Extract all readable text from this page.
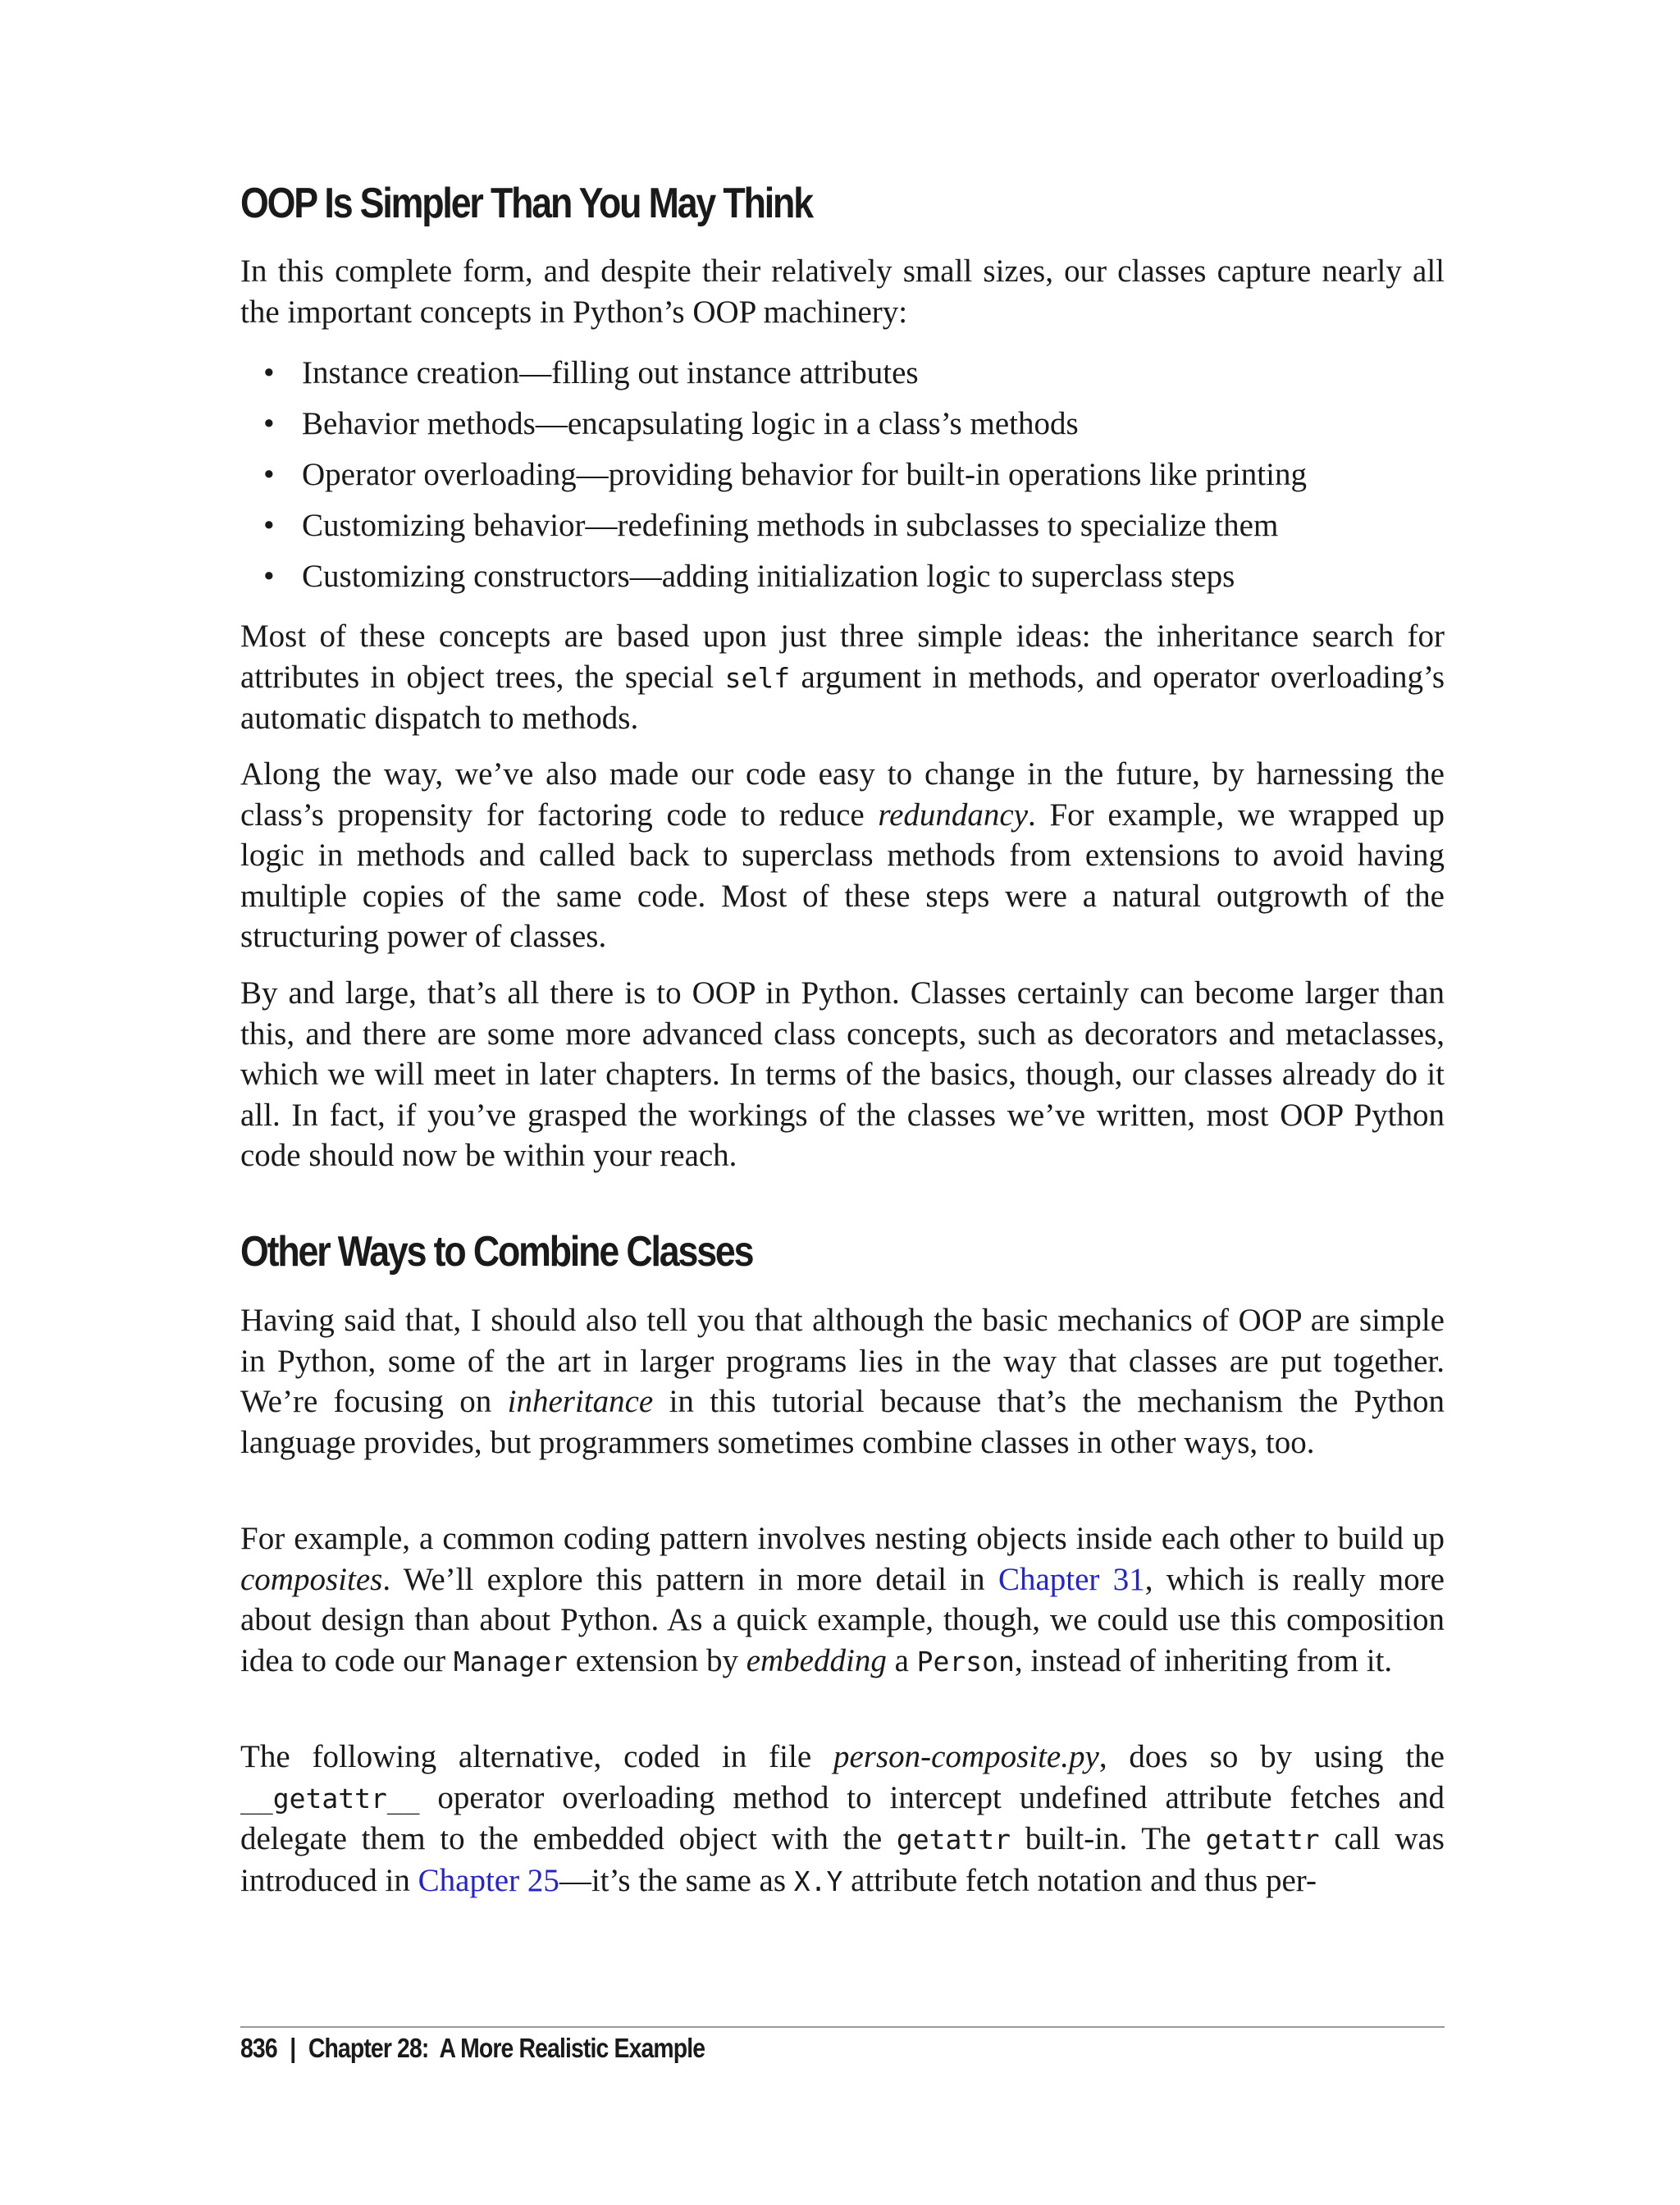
OOP Is Simpler Than You May Think

In this complete form, and despite their relatively small sizes, our classes capture nearly all the important concepts in Python’s OOP machinery:

• Instance creation—filling out instance attributes
• Behavior methods—encapsulating logic in a class’s methods
• Operator overloading—providing behavior for built-in operations like printing
• Customizing behavior—redefining methods in subclasses to specialize them
• Customizing constructors—adding initialization logic to superclass steps

Most of these concepts are based upon just three simple ideas: the inheritance search for attributes in object trees, the special self argument in methods, and operator overloading’s automatic dispatch to methods.

Along the way, we’ve also made our code easy to change in the future, by harnessing the class’s propensity for factoring code to reduce redundancy. For example, we wrapped up logic in methods and called back to superclass methods from extensions to avoid having multiple copies of the same code. Most of these steps were a natural outgrowth of the structuring power of classes.

By and large, that’s all there is to OOP in Python. Classes certainly can become larger than this, and there are some more advanced class concepts, such as decorators and metaclasses, which we will meet in later chapters. In terms of the basics, though, our classes already do it all. In fact, if you’ve grasped the workings of the classes we’ve written, most OOP Python code should now be within your reach.

Other Ways to Combine Classes

Having said that, I should also tell you that although the basic mechanics of OOP are simple in Python, some of the art in larger programs lies in the way that classes are put together. We’re focusing on inheritance in this tutorial because that’s the mechanism the Python language provides, but programmers sometimes combine classes in other ways, too.

For example, a common coding pattern involves nesting objects inside each other to build up composites. We’ll explore this pattern in more detail in Chapter 31, which is really more about design than about Python. As a quick example, though, we could use this composition idea to code our Manager extension by embedding a Person, instead of inheriting from it.

The following alternative, coded in file person-composite.py, does so by using the __getattr__ operator overloading method to intercept undefined attribute fetches and delegate them to the embedded object with the getattr built-in. The getattr call was introduced in Chapter 25—it’s the same as X.Y attribute fetch notation and thus per-

836 | Chapter 28:  A More Realistic Example
